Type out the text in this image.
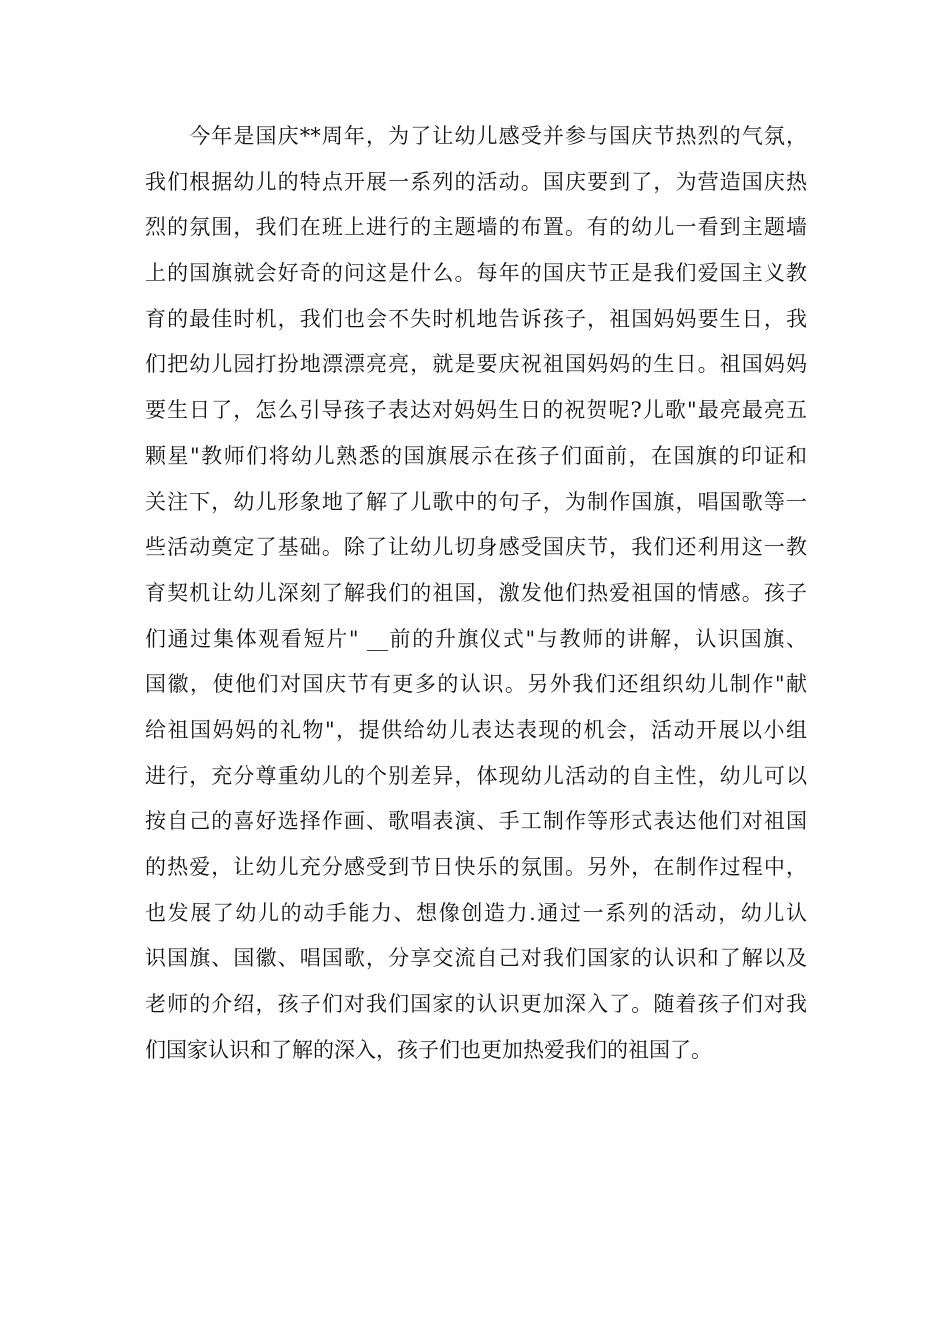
　　今年是国庆**周年，为了让幼儿感受并参与国庆节热烈的气氛，
我们根据幼儿的特点开展一系列的活动。国庆要到了，为营造国庆热
烈的氛围，我们在班上进行的主题墙的布置。有的幼儿一看到主题墙
上的国旗就会好奇的问这是什么。每年的国庆节正是我们爱国主义教
育的最佳时机，我们也会不失时机地告诉孩子，祖国妈妈要生日，我
们把幼儿园打扮地漂漂亮亮，就是要庆祝祖国妈妈的生日。祖国妈妈
要生日了，怎么引导孩子表达对妈妈生日的祝贺呢?儿歌"最亮最亮五
颗星"教师们将幼儿熟悉的国旗展示在孩子们面前，在国旗的印证和
关注下，幼儿形象地了解了儿歌中的句子，为制作国旗，唱国歌等一
些活动奠定了基础。除了让幼儿切身感受国庆节，我们还利用这一教
育契机让幼儿深刻了解我们的祖国，激发他们热爱祖国的情感。孩子
们通过集体观看短片" __前的升旗仪式"与教师的讲解，认识国旗、
国徽，使他们对国庆节有更多的认识。另外我们还组织幼儿制作"献
给祖国妈妈的礼物"，提供给幼儿表达表现的机会，活动开展以小组
进行，充分尊重幼儿的个别差异，体现幼儿活动的自主性，幼儿可以
按自己的喜好选择作画、歌唱表演、手工制作等形式表达他们对祖国
的热爱，让幼儿充分感受到节日快乐的氛围。另外，在制作过程中，
也发展了幼儿的动手能力、想像创造力.通过一系列的活动，幼儿认
识国旗、国徽、唱国歌，分享交流自己对我们国家的认识和了解以及
老师的介绍，孩子们对我们国家的认识更加深入了。随着孩子们对我
们国家认识和了解的深入，孩子们也更加热爱我们的祖国了。
